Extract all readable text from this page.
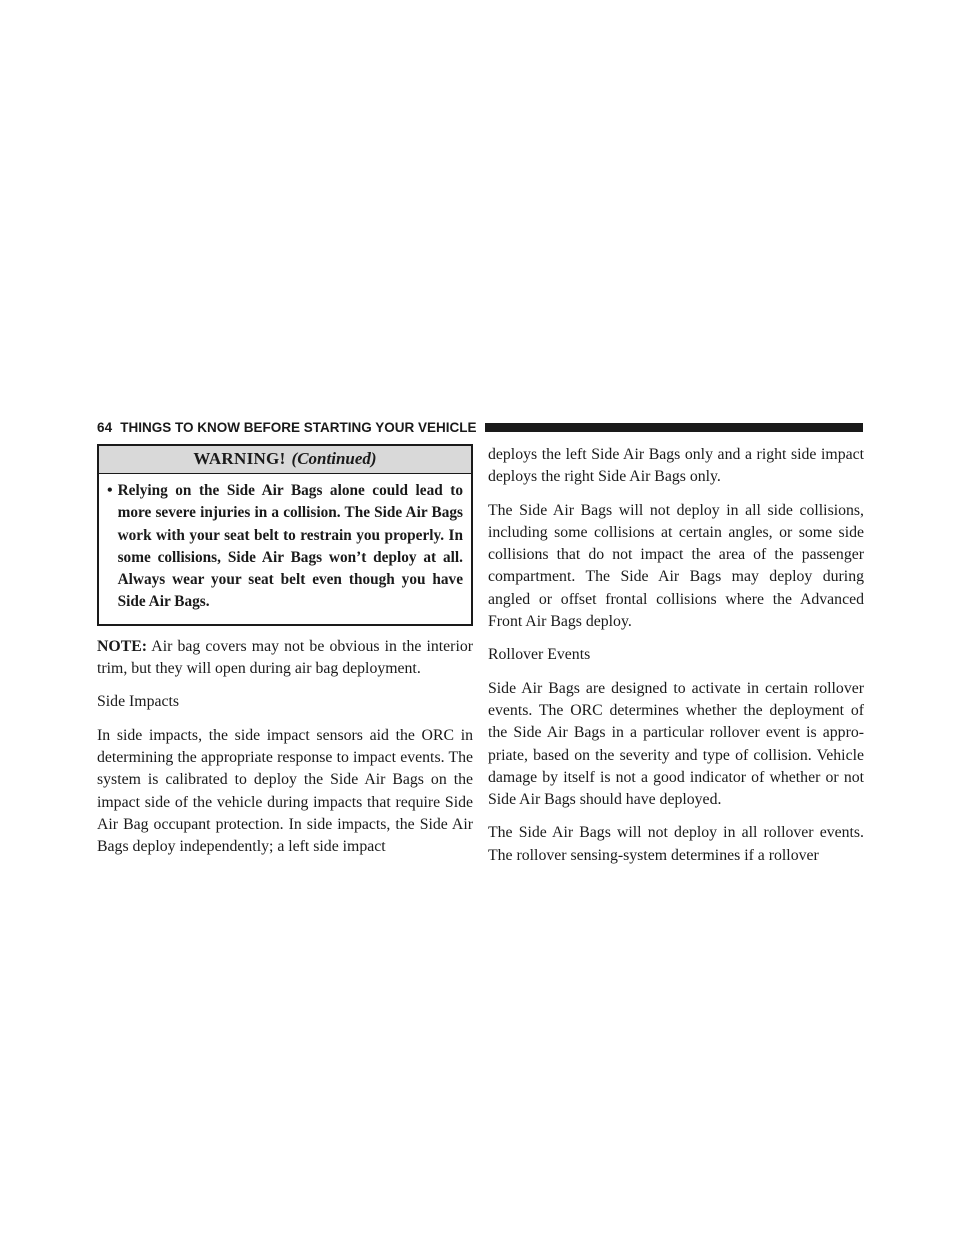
64 THINGS TO KNOW BEFORE STARTING YOUR VEHICLE
WARNING! (Continued)
• Relying on the Side Air Bags alone could lead to more severe injuries in a collision. The Side Air Bags work with your seat belt to restrain you properly. In some collisions, Side Air Bags won’t deploy at all. Always wear your seat belt even though you have Side Air Bags.

NOTE: Air bag covers may not be obvious in the interior trim, but they will open during air bag deployment.

Side Impacts

In side impacts, the side impact sensors aid the ORC in determining the appropriate response to impact events. The system is calibrated to deploy the Side Air Bags on the impact side of the vehicle during impacts that require Side Air Bag occupant protection. In side impacts, the Side Air Bags deploy independently; a left side impact

deploys the left Side Air Bags only and a right side impact deploys the right Side Air Bags only.

The Side Air Bags will not deploy in all side collisions, including some collisions at certain angles, or some side collisions that do not impact the area of the passenger compartment. The Side Air Bags may deploy during angled or offset frontal collisions where the Advanced Front Air Bags deploy.

Rollover Events

Side Air Bags are designed to activate in certain rollover events. The ORC determines whether the deployment of the Side Air Bags in a particular rollover event is appro- priate, based on the severity and type of collision. Vehicle damage by itself is not a good indicator of whether or not Side Air Bags should have deployed.

The Side Air Bags will not deploy in all rollover events. The rollover sensing-system determines if a rollover
